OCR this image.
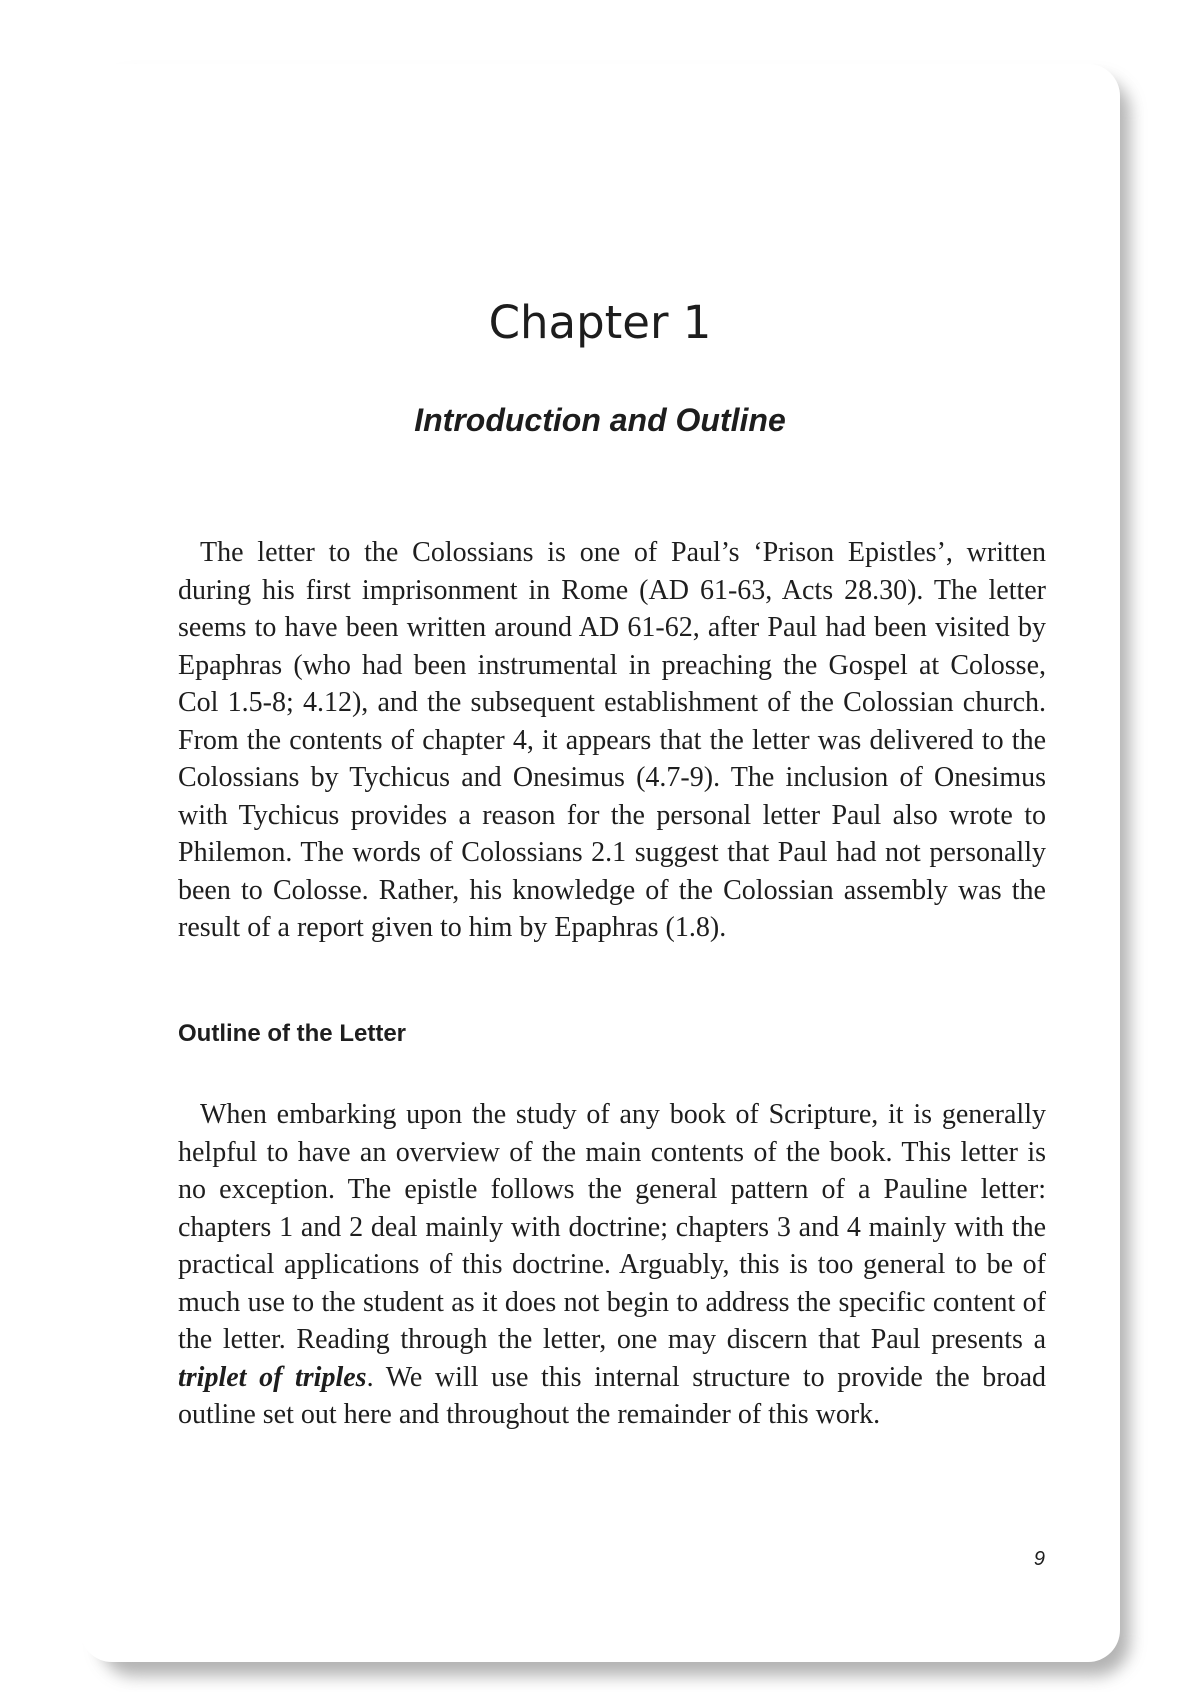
Chapter 1
Introduction and Outline

The letter to the Colossians is one of Paul’s ‘Prison Epistles’, written during his first imprisonment in Rome (AD 61-63, Acts 28.30). The letter seems to have been written around AD 61-62, after Paul had been visited by Epaphras (who had been instrumental in preaching the Gospel at Colosse, Col 1.5-8; 4.12), and the subsequent establishment of the Colossian church. From the contents of chapter 4, it appears that the letter was delivered to the Colossians by Tychicus and Onesimus (4.7-9). The inclusion of Onesimus with Tychicus provides a reason for the personal letter Paul also wrote to Philemon. The words of Colossians 2.1 suggest that Paul had not personally been to Colosse. Rather, his knowledge of the Colossian assembly was the result of a report given to him by Epaphras (1.8).

Outline of the Letter

When embarking upon the study of any book of Scripture, it is generally helpful to have an overview of the main contents of the book. This letter is no exception. The epistle follows the general pattern of a Pauline letter: chapters 1 and 2 deal mainly with doctrine; chapters 3 and 4 mainly with the practical applications of this doctrine. Arguably, this is too general to be of much use to the student as it does not begin to address the specific content of the letter. Reading through the letter, one may discern that Paul presents a triplet of triples. We will use this internal structure to provide the broad outline set out here and throughout the remainder of this work.

9
